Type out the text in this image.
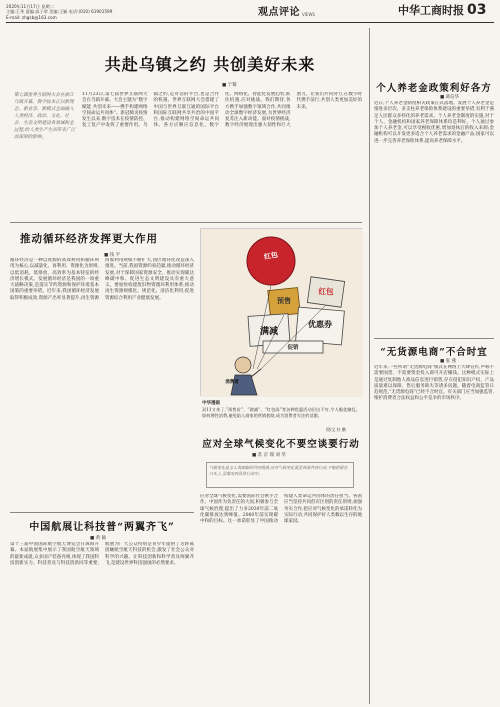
2020年11月17日 星期二
主编:王华 责编:高子荣 美编:王颖 电话:(010) 61901599
E-mail: zhgsb@163.com	观点评论 VIEWS	中华工商时报 03
共赴乌镇之约 共创美好未来
■ 于蜀
第七届世界互联网大会在浙江乌镇开幕。数字技术正以新理念、新业态、新模式全面融入人类经济、政治、文化、社会、生态文明建设各领域和全过程,给人类生产生活带来广泛而深刻的影响。
11月23日,第七届世界互联网大会在乌镇开幕。大会主题为“数字赋能 共创未来——携手构建网络空间命运共同体”。新冠肺炎疫情发生以来,数字技术在疫情防控、复工复产中发挥了重要作用。乌镇之约,是对话的平台,也是合作的机遇。世界互联网大会搭建了中国与世界互联互通的国际平台和国际互联网共享共治的中国平台,推动构建网络空间命运共同体。各方应顺应信息化、数字化、网络化、智能化发展趋势,抓住机遇,应对挑战。我们期待,各方携手加强数字领域合作,共同推动全球数字经济发展,为世界经济复苏注入新动能。面对疫情挑战,数字经济展现出强大韧性和巨大潜力。让我们共同努力,在数字时代携手前行,共创人类更加美好的未来。
推动循环经济发挥更大作用
■ 钱 平
循环经济是一种以资源的高效利用和循环利用为核心,以减量化、再利用、资源化为原则,以低消耗、低排放、高效率为基本特征的经济增长模式。发展循环经济是我国的一项重大战略决策,是落实节约资源和保护环境基本国策的重要举措。近年来,我国循环经济发展取得积极成效,资源产出率显著提升,再生资源回收利用规模不断扩大,园区循环化改造深入推进。当前,我国资源约束趋紧,推动循环经济发展,对于保障国家资源安全、推动实现碳达峰碳中和、促进生态文明建设具有重大意义。要加快构建废旧物资循环利用体系,推动再生资源规模化、规范化、清洁化利用,促进资源综合利用产业健康发展。
红包
预售
红包
满减
优惠券
促销
消费者
中华漫画
双11又来了,“预售价”、“满减”、“红包雨”等各种优惠活动层出不穷,令人眼花缭乱。如何理性消费,避免陷入商家的营销套路,成为消费者关注的话题。
图/文 杜 鹏
应对全球气候变化不要空谈要行动
■ 苏 京 瑞 刘 华
气候变化是全人类面临的共同挑战,应对气候变化需要各国共同行动,不能停留在口头上,要落实到具体行动中。
应对全球气候变化,需要国际社会携手合作。中国作为负责任的大国,积极参与全球气候治理,提出了力争2030年前二氧化碳排放达到峰值、2060年前实现碳中和的目标。这一承诺彰显了中国推动构建人类命运共同体的责任担当。各国应当坚持共同但有区别的责任原则,加强务实合作,把应对气候变化的承诺转化为实际行动,共同保护好人类赖以生存的地球家园。
中国航展让科技普“两翼齐飞”
■ 黄 颖
第十三届中国国际航空航天博览会在珠海开幕。本届航展集中展示了我国航空航天领域的最新成就,众多国产装备亮相,体现了我国科技创新实力。科技普及与科技创新同等重要,航展为广大公众特别是青少年提供了近距离接触航空航天科技的机会,激发了社会公众对科学的兴趣。让科技创新和科学普及两翼齐飞,是建设世界科技强国的必然要求。
个人养老金政策利好各方
■ 葛信华
近日,个人养老金制度相关政策正式落地。发展个人养老金是推进多层次、多支柱养老保险体系建设的重要举措,有利于满足人民群众多样化的养老需求。个人养老金制度的实施,对于个人、金融机构和国家养老保障体系均是利好。个人通过参加个人养老金,可以享受税收优惠,增加退休后的收入来源;金融机构可以开发更多适合个人养老需求的金融产品;国家可以进一步完善养老保险体系,提高养老保障水平。
“无货源电商”不合时宜
■ 张 燕
近年来,一些所谓“无货源电商”模式在网络上大肆宣传,声称不需要囤货、不需要资金投入即可开店赚钱。这种模式实际上是通过复制他人商品信息进行销售,存在侵犯知识产权、产品质量难以保障、售后服务缺失等诸多问题。随着电商监管日趋规范,“无货源电商”已经不合时宜。有关部门应当加强监管,维护消费者合法权益和公平竞争的市场秩序。
